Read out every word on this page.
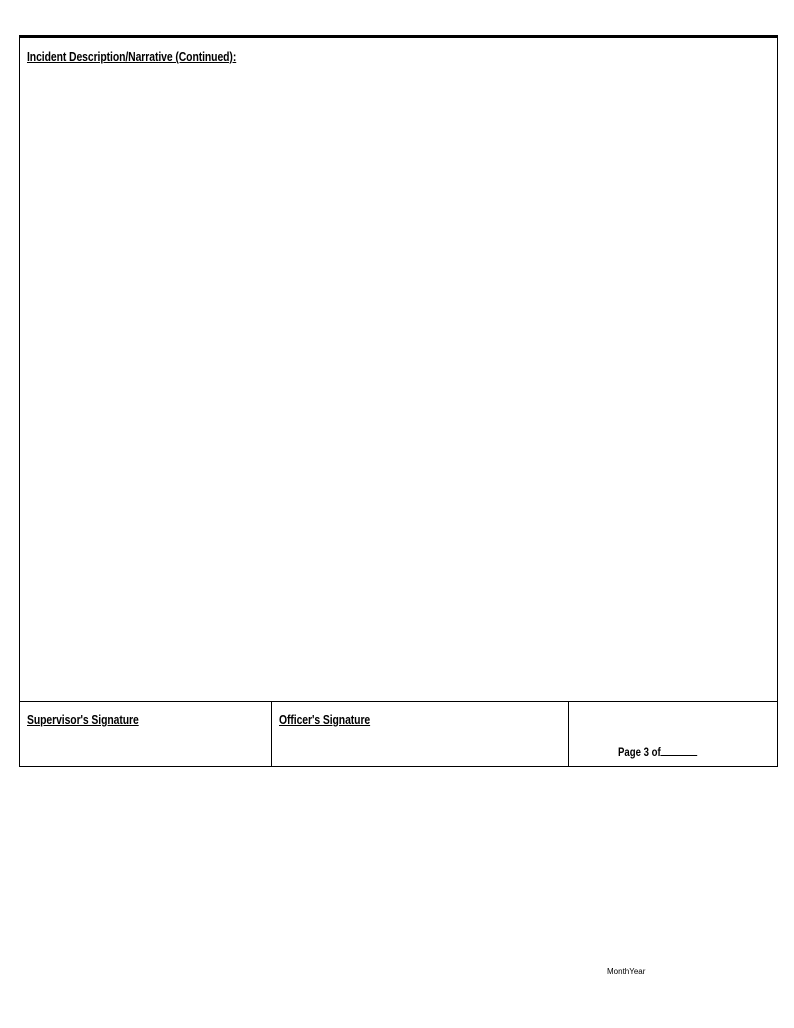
Incident Description/Narrative (Continued):
Supervisor's Signature	Officer's Signature
Page 3 of
MonthYear
